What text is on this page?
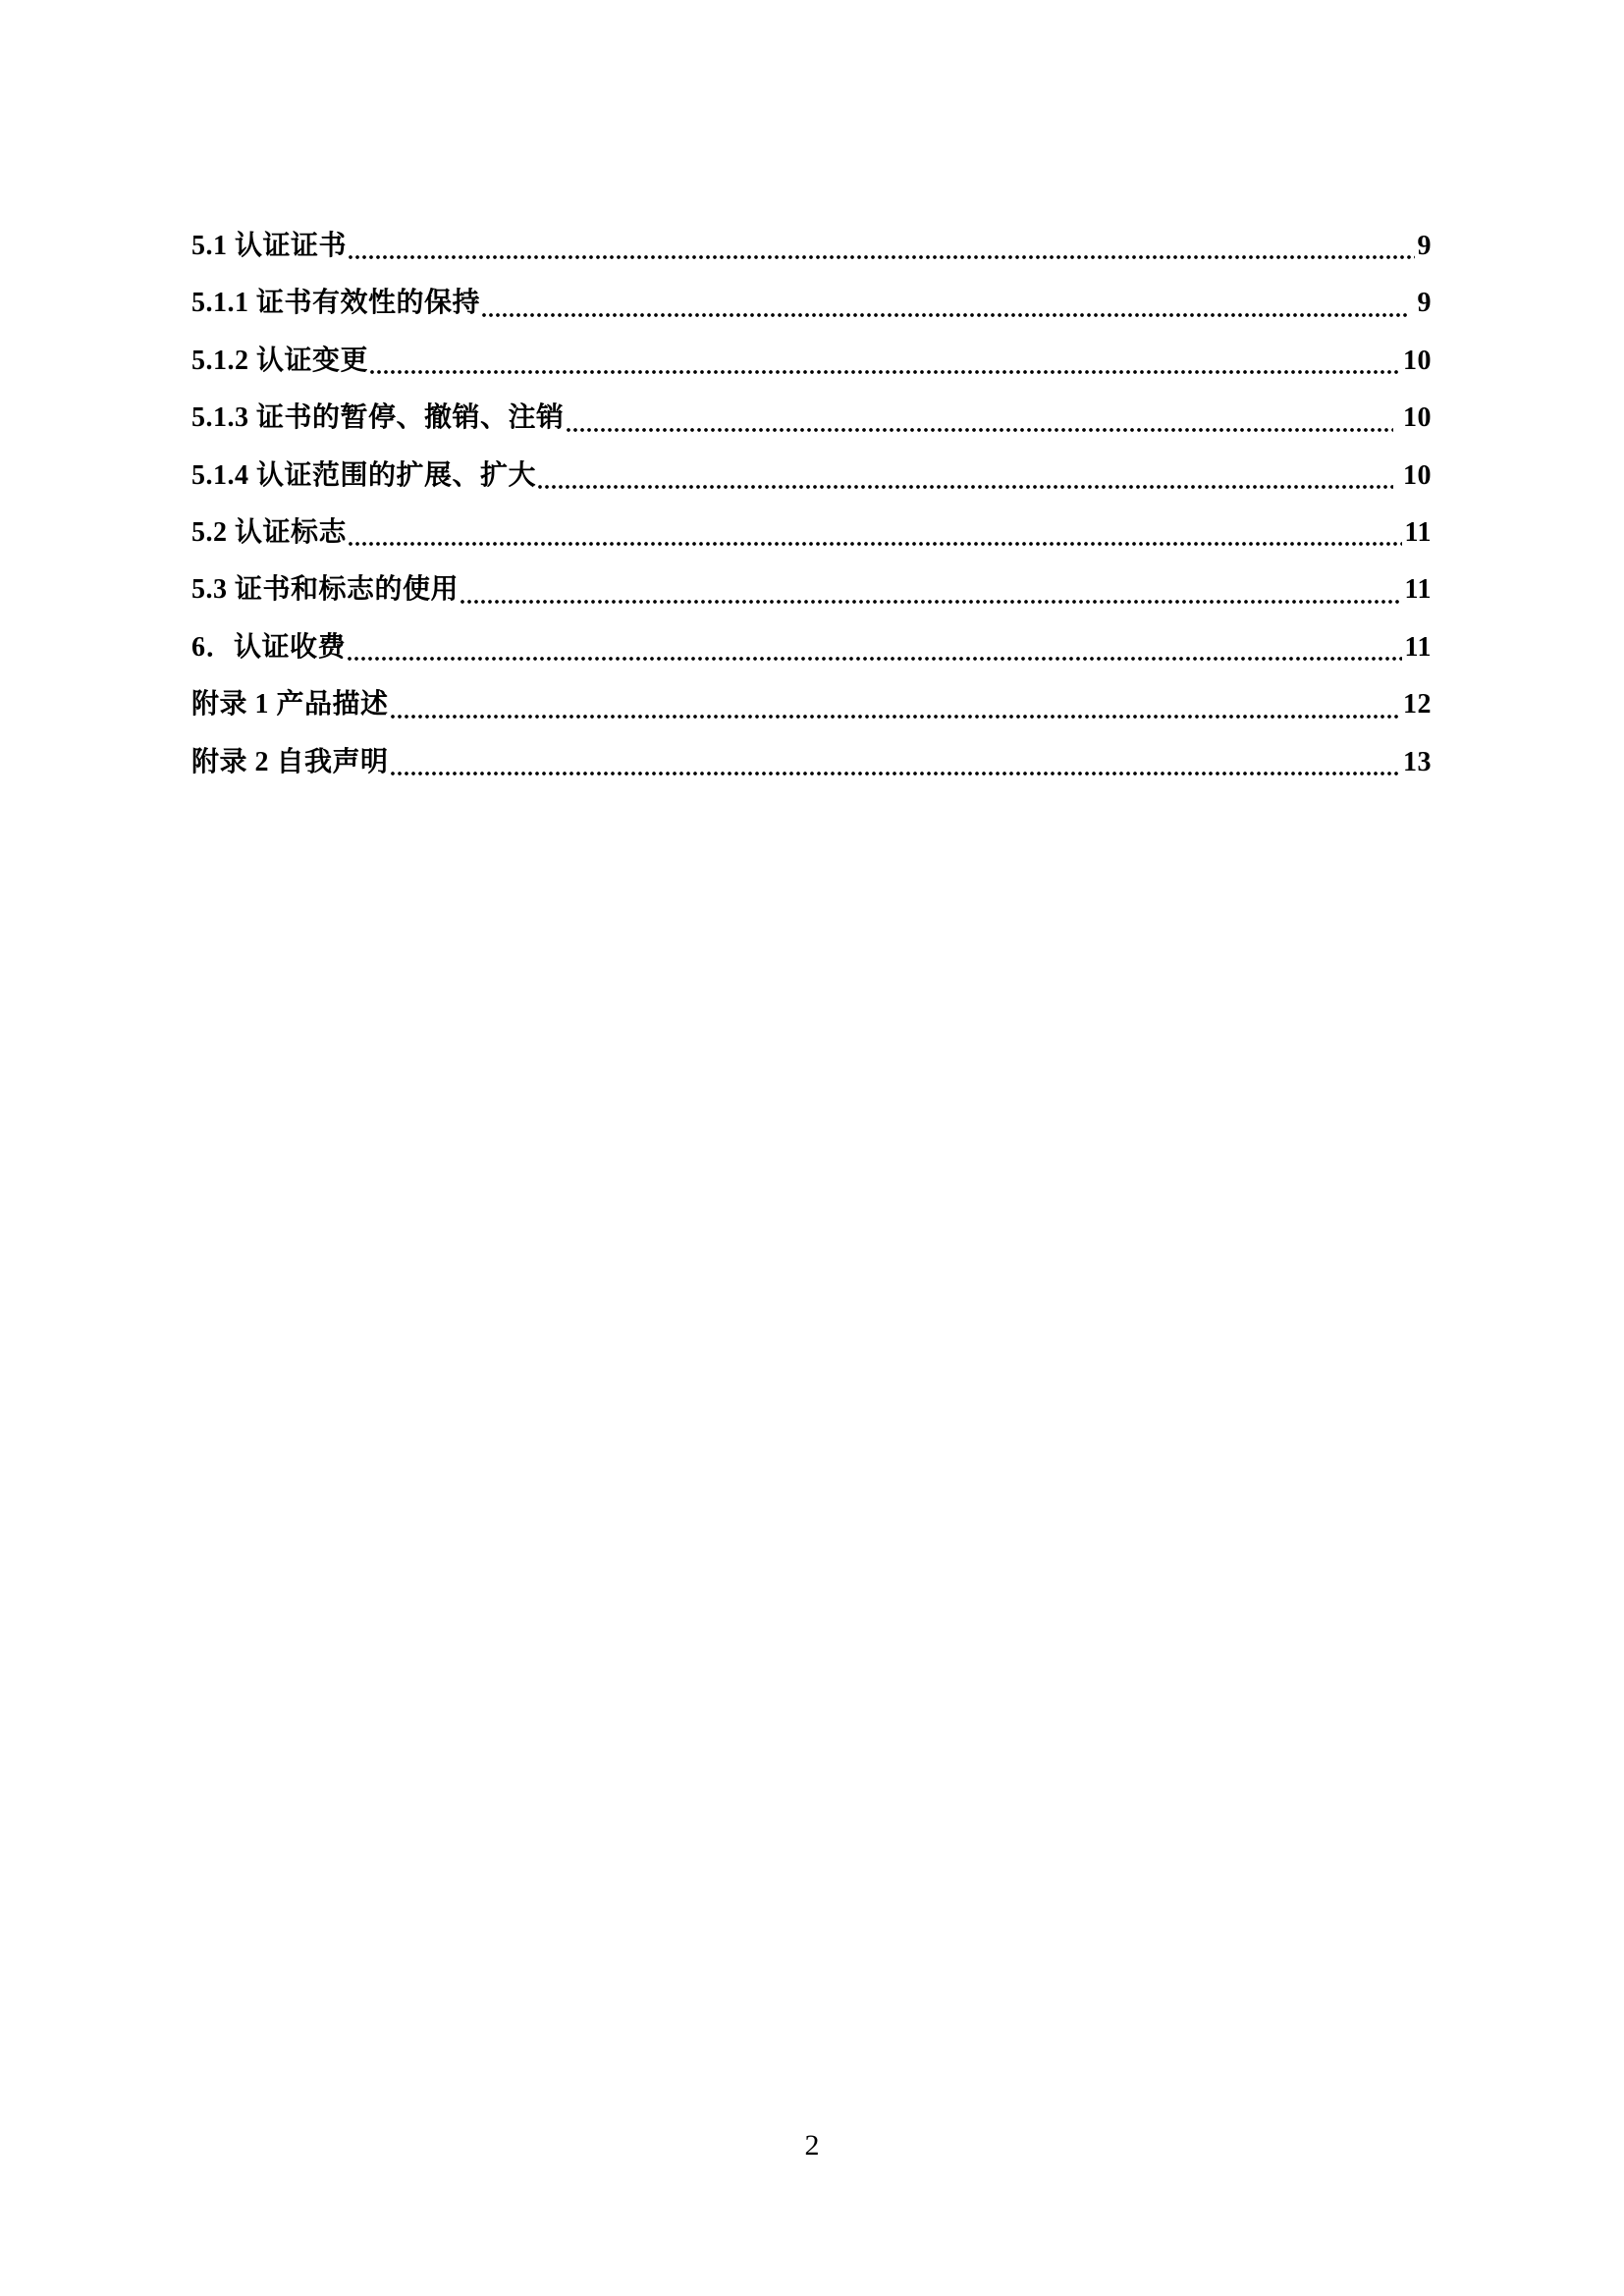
5.1 认证证书	9
5.1.1 证书有效性的保持	9
5.1.2 认证变更	10
5.1.3 证书的暂停、撤销、注销	10
5.1.4 认证范围的扩展、扩大	10
5.2 认证标志	11
5.3 证书和标志的使用	11
6．认证收费	11
附录 1 产品描述	12
附录 2 自我声明	13
2
